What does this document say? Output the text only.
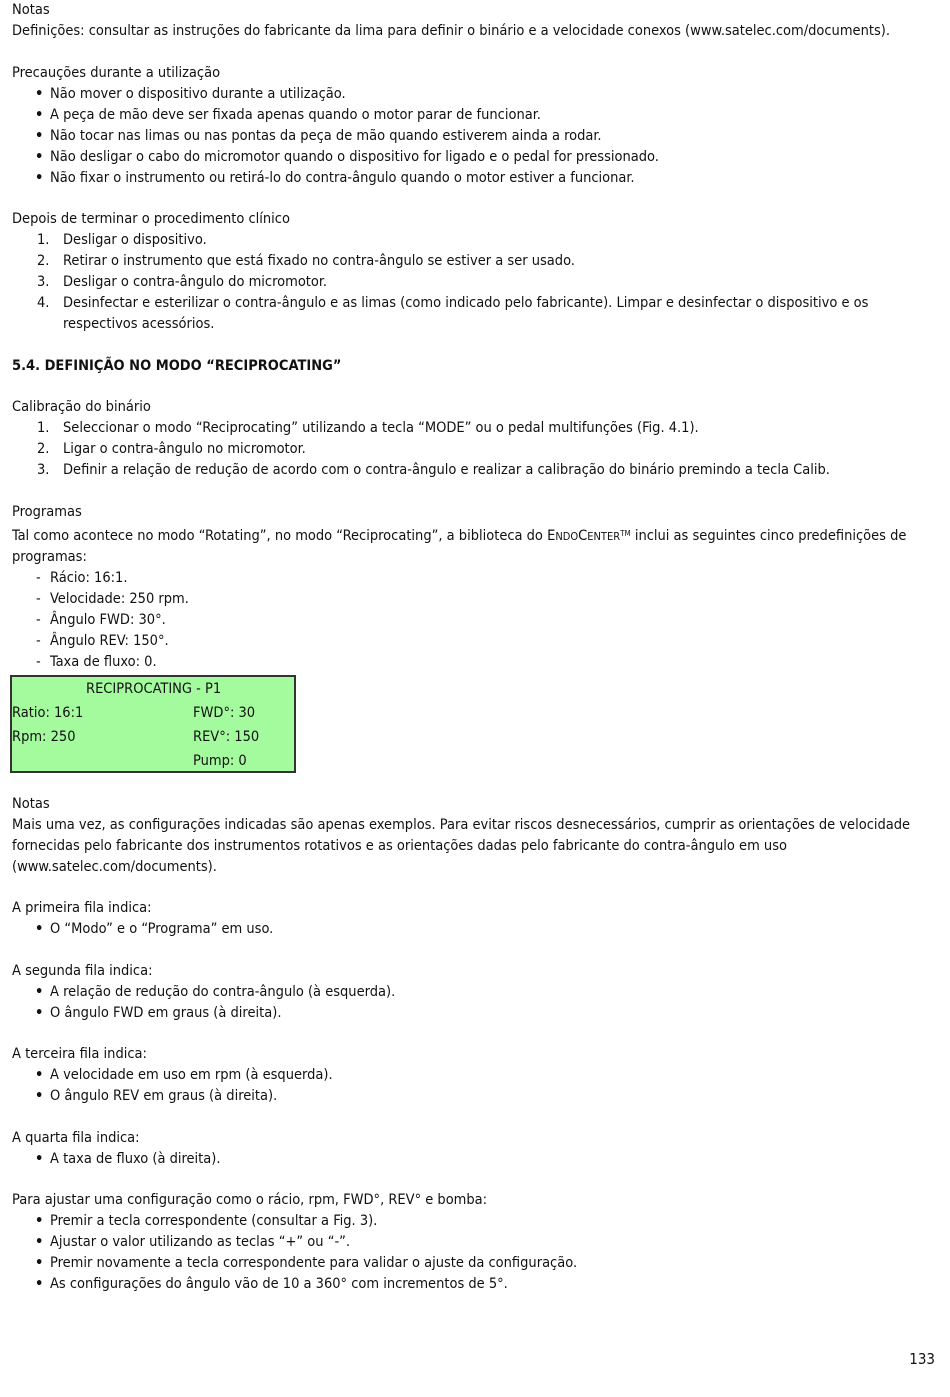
Notas
Definições: consultar as instruções do fabricante da lima para definir o binário e a velocidade conexos (www.satelec.com/documents).
Precauções durante a utilização
• Não mover o dispositivo durante a utilização.
• A peça de mão deve ser fixada apenas quando o motor parar de funcionar.
• Não tocar nas limas ou nas pontas da peça de mão quando estiverem ainda a rodar.
• Não desligar o cabo do micromotor quando o dispositivo for ligado e o pedal for pressionado.
• Não fixar o instrumento ou retirá-lo do contra-ângulo quando o motor estiver a funcionar.
Depois de terminar o procedimento clínico
1. Desligar o dispositivo.
2. Retirar o instrumento que está fixado no contra-ângulo se estiver a ser usado.
3. Desligar o contra-ângulo do micromotor.
4. Desinfectar e esterilizar o contra-ângulo e as limas (como indicado pelo fabricante). Limpar e desinfectar o dispositivo e os
respectivos acessórios.
5.4. DEFINIÇÃO NO MODO “RECIPROCATING”
Calibração do binário
1. Seleccionar o modo “Reciprocating” utilizando a tecla “MODE” ou o pedal multifunções (Fig. 4.1).
2. Ligar o contra-ângulo no micromotor.
3. Definir a relação de redução de acordo com o contra-ângulo e realizar a calibração do binário premindo a tecla Calib.
Programas
Tal como acontece no modo “Rotating”, no modo “Reciprocating”, a biblioteca do ENDOCENTER™ inclui as seguintes cinco predefinições de
programas:
- Rácio: 16:1.
- Velocidade: 250 rpm.
- Ângulo FWD: 30°.
- Ângulo REV: 150°.
- Taxa de fluxo: 0.
RECIPROCATING - P1
Ratio: 16:1	FWD°: 30
Rpm: 250	REV°: 150
Pump: 0
Notas
Mais uma vez, as configurações indicadas são apenas exemplos. Para evitar riscos desnecessários, cumprir as orientações de velocidade
fornecidas pelo fabricante dos instrumentos rotativos e as orientações dadas pelo fabricante do contra-ângulo em uso
(www.satelec.com/documents).
A primeira fila indica:
• O “Modo” e o “Programa” em uso.
A segunda fila indica:
• A relação de redução do contra-ângulo (à esquerda).
• O ângulo FWD em graus (à direita).
A terceira fila indica:
• A velocidade em uso em rpm (à esquerda).
• O ângulo REV em graus (à direita).
A quarta fila indica:
• A taxa de fluxo (à direita).
Para ajustar uma configuração como o rácio, rpm, FWD°, REV° e bomba:
• Premir a tecla correspondente (consultar a Fig. 3).
• Ajustar o valor utilizando as teclas “+” ou “-”.
• Premir novamente a tecla correspondente para validar o ajuste da configuração.
• As configurações do ângulo vão de 10 a 360° com incrementos de 5°.
133
